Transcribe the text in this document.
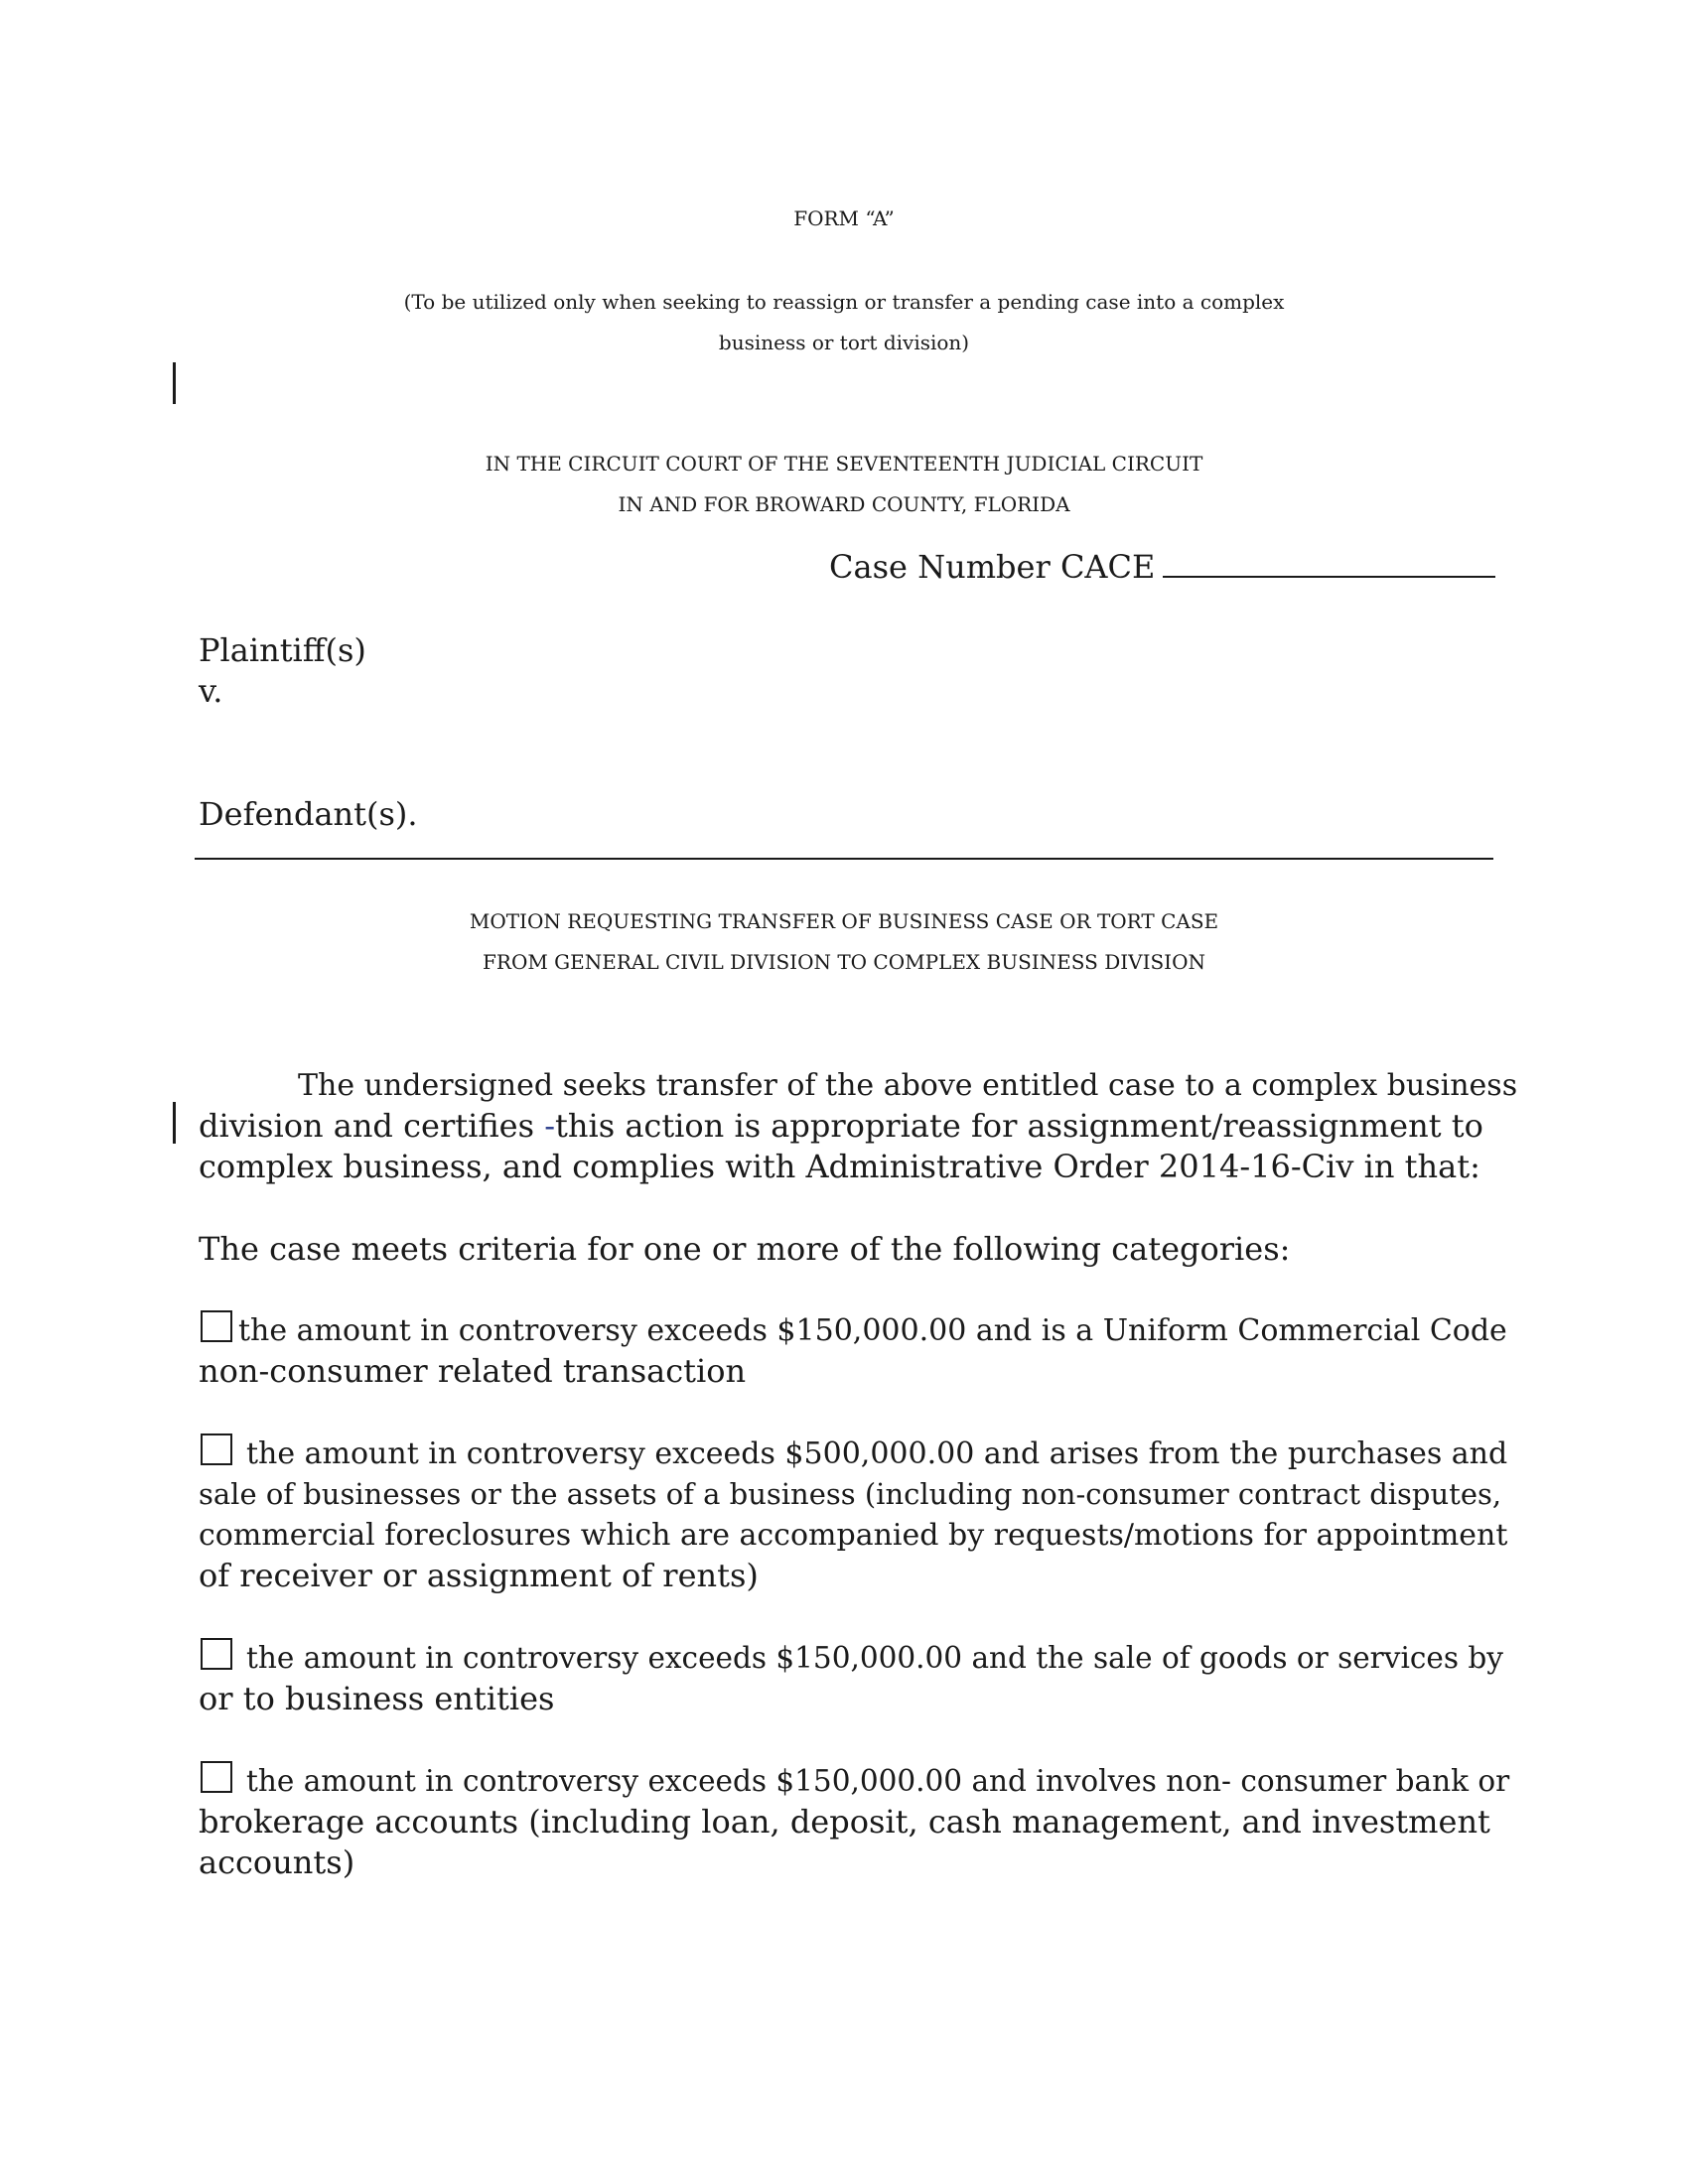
FORM “A”
(To be utilized only when seeking to reassign or transfer a pending case into a complex
business or tort division)
IN THE CIRCUIT COURT OF THE SEVENTEENTH JUDICIAL CIRCUIT
IN AND FOR BROWARD COUNTY, FLORIDA
Case Number CACE
Plaintiff(s)
v.
Defendant(s).
MOTION REQUESTING TRANSFER OF BUSINESS CASE OR TORT CASE
FROM GENERAL CIVIL DIVISION TO COMPLEX BUSINESS DIVISION
The undersigned seeks transfer of the above entitled case to a complex business
division and certifies -this action is appropriate for assignment/reassignment to
complex business, and complies with Administrative Order 2014-16-Civ in that:
The case meets criteria for one or more of the following categories:
the amount in controversy exceeds $150,000.00 and is a Uniform Commercial Code
non-consumer related transaction
the amount in controversy exceeds $500,000.00 and arises from the purchases and
sale of businesses or the assets of a business (including non-consumer contract disputes,
commercial foreclosures which are accompanied by requests/motions for appointment
of receiver or assignment of rents)
the amount in controversy exceeds $150,000.00 and the sale of goods or services by
or to business entities
the amount in controversy exceeds $150,000.00 and involves non- consumer bank or
brokerage accounts (including loan, deposit, cash management, and investment
accounts)
